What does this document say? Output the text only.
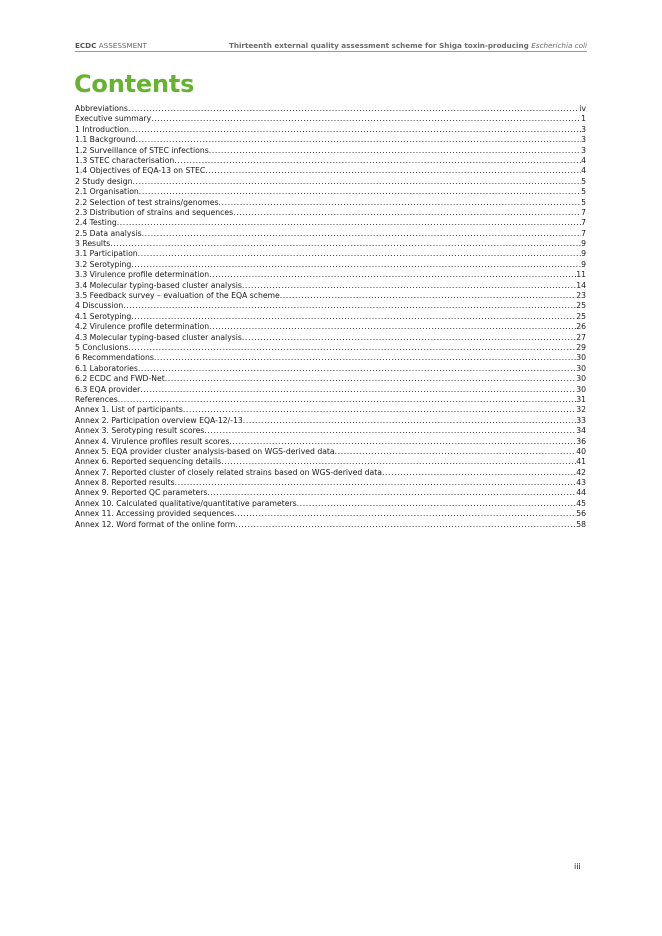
ECDC ASSESSMENT	Thirteenth external quality assessment scheme for Shiga toxin-producing Escherichia coli
Contents
Abbreviations .....	iv
Executive summary .....	1
1 Introduction .....	3
1.1 Background .....	3
1.2 Surveillance of STEC infections .....	3
1.3 STEC characterisation .....	4
1.4 Objectives of EQA-13 on STEC .....	4
2 Study design .....	5
2.1 Organisation .....	5
2.2 Selection of test strains/genomes .....	5
2.3 Distribution of strains and sequences .....	7
2.4 Testing .....	7
2.5 Data analysis .....	7
3 Results .....	9
3.1 Participation .....	9
3.2 Serotyping .....	9
3.3 Virulence profile determination .....	11
3.4 Molecular typing-based cluster analysis .....	14
3.5 Feedback survey – evaluation of the EQA scheme .....	23
4 Discussion .....	25
4.1 Serotyping .....	25
4.2 Virulence profile determination .....	26
4.3 Molecular typing-based cluster analysis .....	27
5 Conclusions .....	29
6 Recommendations .....	30
6.1 Laboratories .....	30
6.2 ECDC and FWD-Net .....	30
6.3 EQA provider .....	30
References .....	31
Annex 1. List of participants .....	32
Annex 2. Participation overview EQA-12/-13 .....	33
Annex 3. Serotyping result scores .....	34
Annex 4. Virulence profiles result scores .....	36
Annex 5. EQA provider cluster analysis-based on WGS-derived data .....	40
Annex 6. Reported sequencing details .....	41
Annex 7. Reported cluster of closely related strains based on WGS-derived data .....	42
Annex 8. Reported results .....	43
Annex 9. Reported QC parameters .....	44
Annex 10. Calculated qualitative/quantitative parameters .....	45
Annex 11. Accessing provided sequences .....	56
Annex 12. Word format of the online form .....	58
iii
